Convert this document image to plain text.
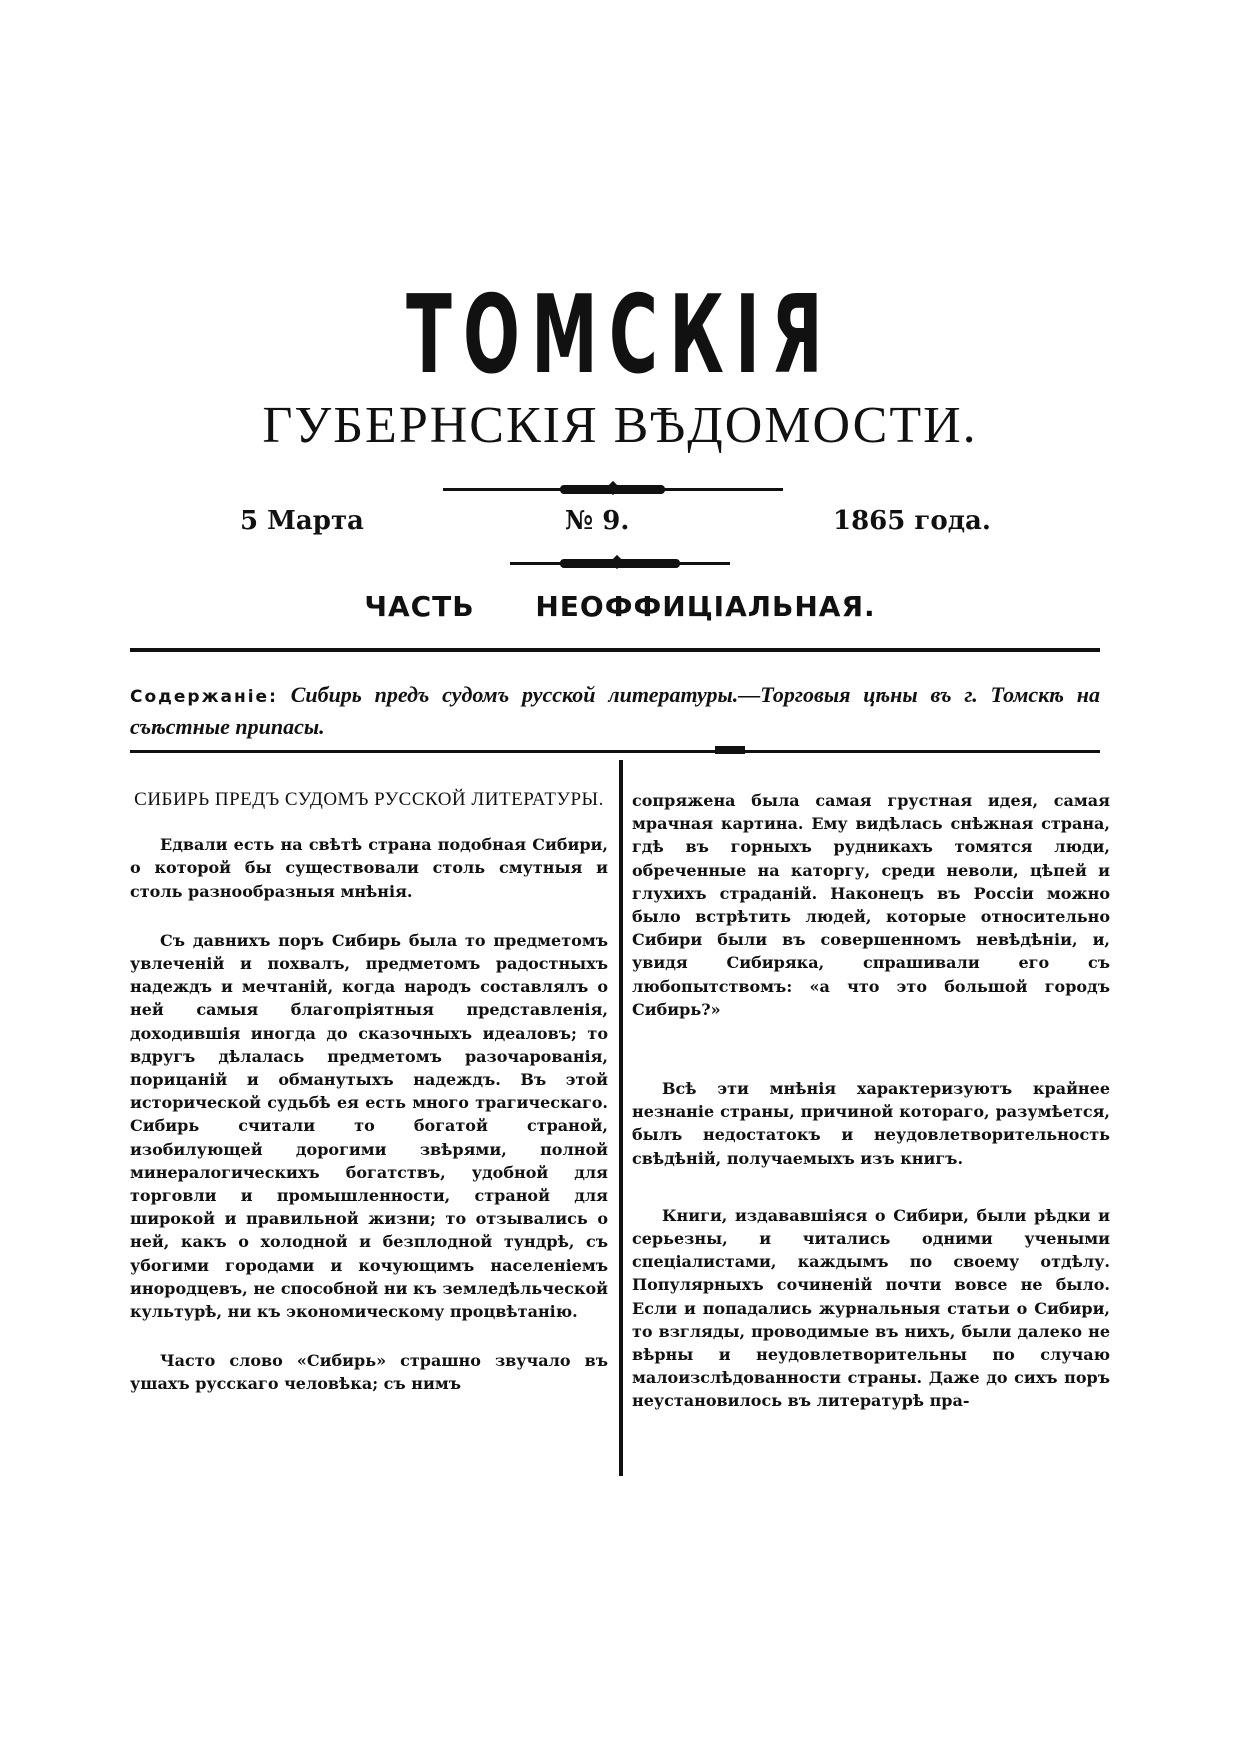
ТОМСКІЯ
ГУБЕРНСКІЯ ВѢДОМОСТИ.
5 Марта	№ 9.	1865 года.
ЧАСТЬ НЕОФФИЦІАЛЬНАЯ.
Содержаніе: Сибирь предъ судомъ русской литературы.—Торговыя цѣны въ г. Томскѣ на съѣстные припасы.
СИБИРЬ ПРЕДЪ СУДОМЪ РУССКОЙ ЛИТЕРАТУРЫ.

Едвали есть на свѣтѣ страна подобная Сибири, о которой бы существовали столь смутныя и столь разнообразныя мнѣнія.

Съ давнихъ поръ Сибирь была то предметомъ увлеченій и похвалъ, предметомъ радостныхъ надеждъ и мечтаній, когда народъ составлялъ о ней самыя благопріятныя представленія, доходившія иногда до сказочныхъ идеаловъ; то вдругъ дѣлалась предметомъ разочарованія, порицаній и обманутыхъ надеждъ. Въ этой исторической судьбѣ ея есть много трагическаго. Сибирь считали то богатой страной, изобилующей дорогими звѣрями, полной минералогическихъ богатствъ, удобной для торговли и промышленности, страной для широкой и правильной жизни; то отзывались о ней, какъ о холодной и безплодной тундрѣ, съ убогими городами и кочующимъ населеніемъ инородцевъ, не способной ни къ земледѣльческой культурѣ, ни къ экономическому процвѣтанію.

Часто слово «Сибирь» страшно звучало въ ушахъ русскаго человѣка; съ нимъ

сопряжена была самая грустная идея, самая мрачная картина. Ему видѣлась снѣжная страна, гдѣ въ горныхъ рудникахъ томятся люди, обреченные на каторгу, среди неволи, цѣпей и глухихъ страданій. Наконецъ въ Россіи можно было встрѣтить людей, которые относительно Сибири были въ совершенномъ невѣдѣніи, и, увидя Сибиряка, спрашивали его съ любопытствомъ: «а что это большой городъ Сибирь?»

Всѣ эти мнѣнія характеризуютъ крайнее незнаніе страны, причиной котораго, разумѣется, былъ недостатокъ и неудовлетворительность свѣдѣній, получаемыхъ изъ книгъ.

Книги, издававшіяся о Сибири, были рѣдки и серьезны, и читались одними учеными спеціалистами, каждымъ по своему отдѣлу. Популярныхъ сочиненій почти вовсе не было. Если и попадались журнальныя статьи о Сибири, то взгляды, проводимые въ нихъ, были далеко не вѣрны и неудовлетворительны по случаю малоизслѣдованности страны. Даже до сихъ поръ неустановилось въ литературѣ пра-
